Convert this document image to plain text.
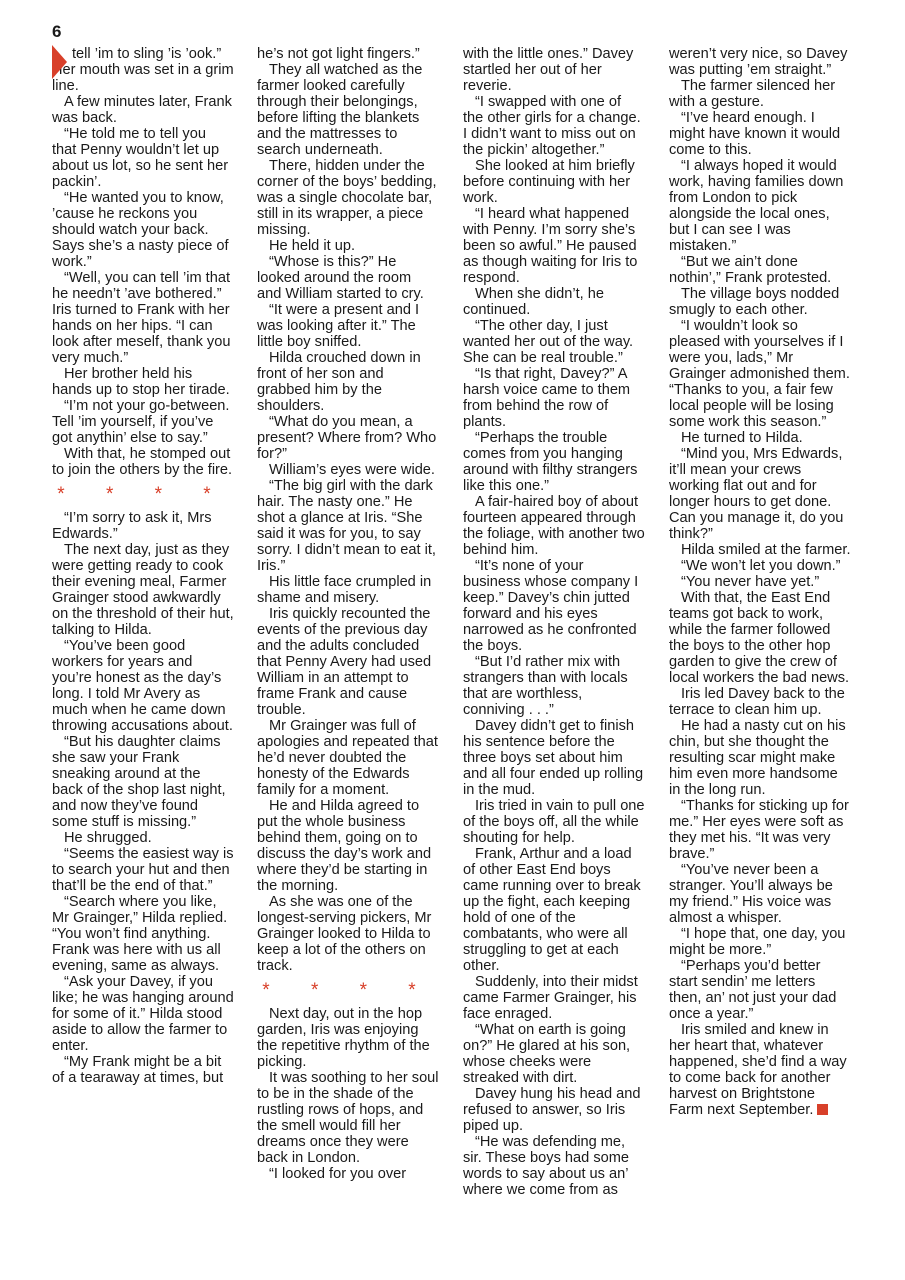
6

tell ’im to sling ’is ’ook.” Her mouth was set in a grim line.

A few minutes later, Frank was back.

“He told me to tell you that Penny wouldn’t let up about us lot, so he sent her packin’.

“He wanted you to know, ’cause he reckons you should watch your back. Says she’s a nasty piece of work.”

“Well, you can tell ’im that he needn’t ’ave bothered.” Iris turned to Frank with her hands on her hips. “I can look after meself, thank you very much.”

Her brother held his hands up to stop her tirade.

“I’m not your go-between. Tell ’im yourself, if you’ve got anythin’ else to say.”

With that, he stomped out to join the others by the fire.

* * * *

“I’m sorry to ask it, Mrs Edwards.”

The next day, just as they were getting ready to cook their evening meal, Farmer Grainger stood awkwardly on the threshold of their hut, talking to Hilda.

“You’ve been good workers for years and you’re honest as the day’s long. I told Mr Avery as much when he came down throwing accusations about.

“But his daughter claims she saw your Frank sneaking around at the back of the shop last night, and now they’ve found some stuff is missing.”

He shrugged.

“Seems the easiest way is to search your hut and then that’ll be the end of that.”

“Search where you like, Mr Grainger,” Hilda replied. “You won’t find anything. Frank was here with us all evening, same as always.

“Ask your Davey, if you like; he was hanging around for some of it.” Hilda stood aside to allow the farmer to enter.

“My Frank might be a bit of a tearaway at times, but

he’s not got light fingers.”

They all watched as the farmer looked carefully through their belongings, before lifting the blankets and the mattresses to search underneath.

There, hidden under the corner of the boys’ bedding, was a single chocolate bar, still in its wrapper, a piece missing.

He held it up.

“Whose is this?” He looked around the room and William started to cry.

“It were a present and I was looking after it.” The little boy sniffed.

Hilda crouched down in front of her son and grabbed him by the shoulders.

“What do you mean, a present? Where from? Who for?”

William’s eyes were wide.

“The big girl with the dark hair. The nasty one.” He shot a glance at Iris. “She said it was for you, to say sorry. I didn’t mean to eat it, Iris.”

His little face crumpled in shame and misery.

Iris quickly recounted the events of the previous day and the adults concluded that Penny Avery had used William in an attempt to frame Frank and cause trouble.

Mr Grainger was full of apologies and repeated that he’d never doubted the honesty of the Edwards family for a moment.

He and Hilda agreed to put the whole business behind them, going on to discuss the day’s work and where they’d be starting in the morning.

As she was one of the longest-serving pickers, Mr Grainger looked to Hilda to keep a lot of the others on track.

* * * *

Next day, out in the hop garden, Iris was enjoying the repetitive rhythm of the picking.

It was soothing to her soul to be in the shade of the rustling rows of hops, and the smell would fill her dreams once they were back in London.

“I looked for you over

with the little ones.” Davey startled her out of her reverie.

“I swapped with one of the other girls for a change. I didn’t want to miss out on the pickin’ altogether.”

She looked at him briefly before continuing with her work.

“I heard what happened with Penny. I’m sorry she’s been so awful.” He paused as though waiting for Iris to respond.

When she didn’t, he continued.

“The other day, I just wanted her out of the way. She can be real trouble.”

“Is that right, Davey?” A harsh voice came to them from behind the row of plants.

“Perhaps the trouble comes from you hanging around with filthy strangers like this one.”

A fair-haired boy of about fourteen appeared through the foliage, with another two behind him.

“It’s none of your business whose company I keep.” Davey’s chin jutted forward and his eyes narrowed as he confronted the boys.

“But I’d rather mix with strangers than with locals that are worthless, conniving . . .”

Davey didn’t get to finish his sentence before the three boys set about him and all four ended up rolling in the mud.

Iris tried in vain to pull one of the boys off, all the while shouting for help.

Frank, Arthur and a load of other East End boys came running over to break up the fight, each keeping hold of one of the combatants, who were all struggling to get at each other.

Suddenly, into their midst came Farmer Grainger, his face enraged.

“What on earth is going on?” He glared at his son, whose cheeks were streaked with dirt.

Davey hung his head and refused to answer, so Iris piped up.

“He was defending me, sir. These boys had some words to say about us an’ where we come from as

weren’t very nice, so Davey was putting ’em straight.”

The farmer silenced her with a gesture.

“I’ve heard enough. I might have known it would come to this.

“I always hoped it would work, having families down from London to pick alongside the local ones, but I can see I was mistaken.”

“But we ain’t done nothin’,” Frank protested.

The village boys nodded smugly to each other.

“I wouldn’t look so pleased with yourselves if I were you, lads,” Mr Grainger admonished them. “Thanks to you, a fair few local people will be losing some work this season.”

He turned to Hilda.

“Mind you, Mrs Edwards, it’ll mean your crews working flat out and for longer hours to get done. Can you manage it, do you think?”

Hilda smiled at the farmer.

“We won’t let you down.”

“You never have yet.”

With that, the East End teams got back to work, while the farmer followed the boys to the other hop garden to give the crew of local workers the bad news.

Iris led Davey back to the terrace to clean him up.

He had a nasty cut on his chin, but she thought the resulting scar might make him even more handsome in the long run.

“Thanks for sticking up for me.” Her eyes were soft as they met his. “It was very brave.”

“You’ve never been a stranger. You’ll always be my friend.” His voice was almost a whisper.

“I hope that, one day, you might be more.”

“Perhaps you’d better start sendin’ me letters then, an’ not just your dad once a year.”

Iris smiled and knew in her heart that, whatever happened, she’d find a way to come back for another harvest on Brightstone Farm next September.
